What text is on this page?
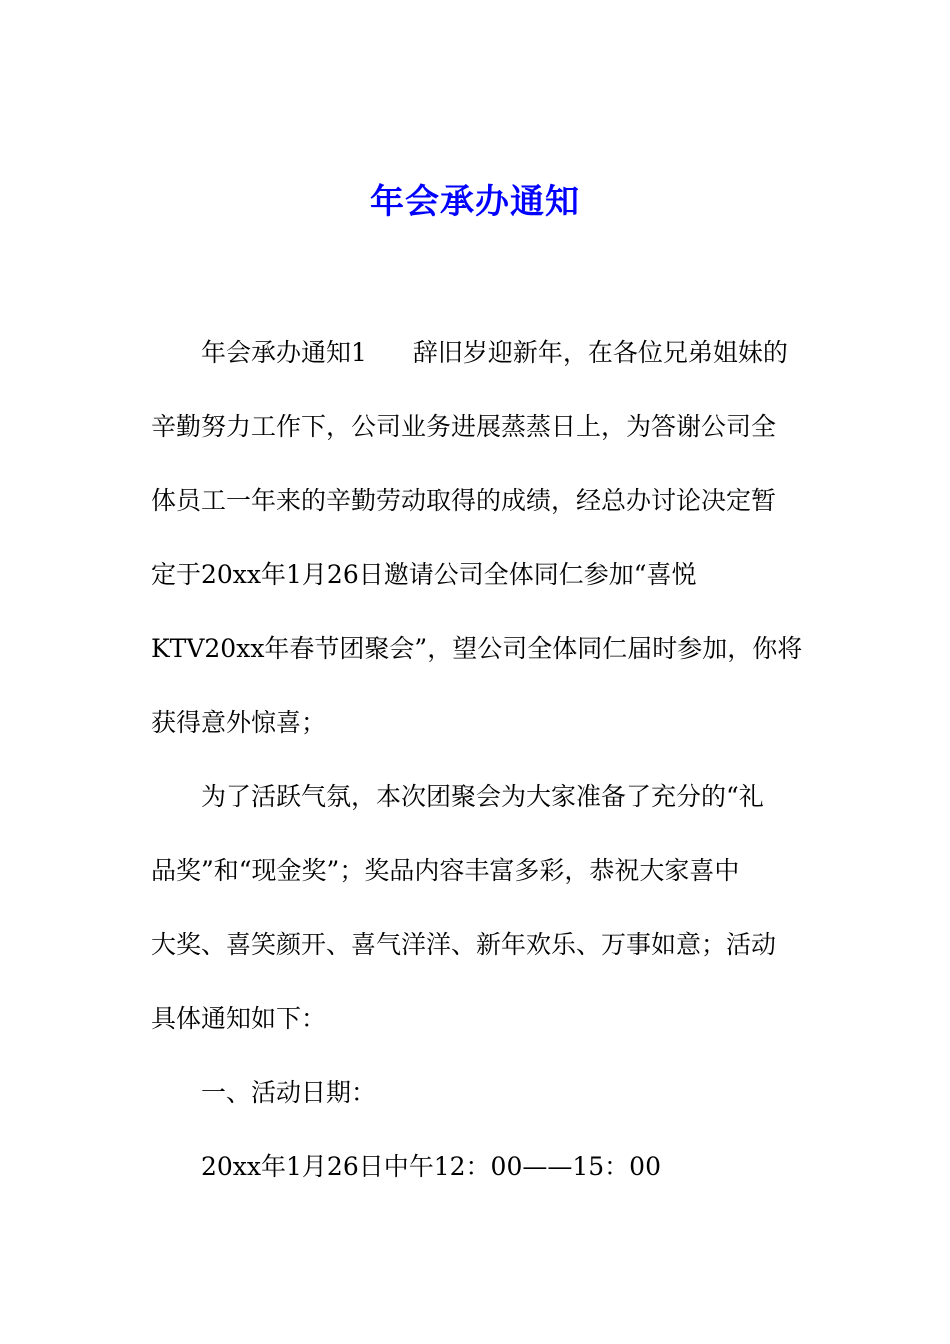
年会承办通知
年会承办通知1 辞旧岁迎新年，在各位兄弟姐妹的
辛勤努力工作下，公司业务进展蒸蒸日上，为答谢公司全
体员工一年来的辛勤劳动取得的成绩，经总办讨论决定暂
定于20xx年1月26日邀请公司全体同仁参加“喜悦
KTV20xx年春节团聚会”，望公司全体同仁届时参加，你将
获得意外惊喜；
为了活跃气氛，本次团聚会为大家准备了充分的“礼
品奖”和“现金奖”；奖品内容丰富多彩，恭祝大家喜中
大奖、喜笑颜开、喜气洋洋、新年欢乐、万事如意；活动
具体通知如下：
一、活动日期：
20xx年1月26日中午12：00——15：00
